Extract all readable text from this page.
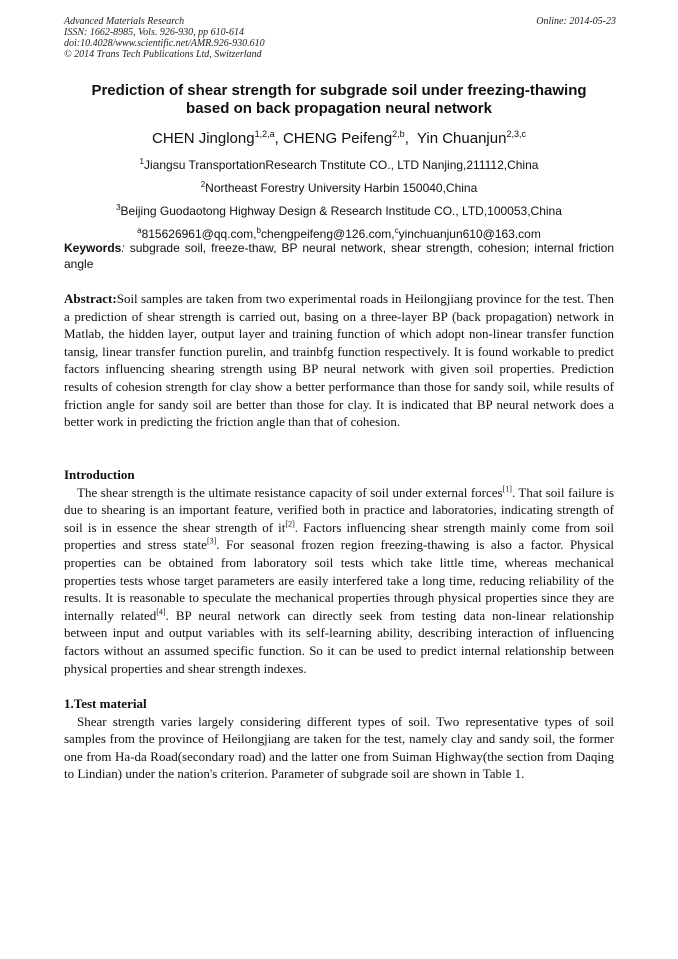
Advanced Materials Research
ISSN: 1662-8985, Vols. 926-930, pp 610-614
doi:10.4028/www.scientific.net/AMR.926-930.610
© 2014 Trans Tech Publications Ltd, Switzerland
Online: 2014-05-23
Prediction of shear strength for subgrade soil under freezing-thawing
based on back propagation neural network
CHEN Jinglong$^{1,2,a}$, CHENG Peifeng$^{2,b}$,  Yin Chuanjun$^{2,3,c}$
$^1$Jiangsu TransportationResearch Tnstitute CO., LTD Nanjing,211112,China
$^2$Northeast Forestry University Harbin 150040,China
$^3$Beijing Guodaotong Highway Design & Research Institude CO., LTD,100053,China
$^a$815626961@qq.com,$^b$chengpeifeng@126.com,$^c$yinchuanjun610@163.com
Keywords: subgrade soil, freeze-thaw, BP neural network, shear strength, cohesion; internal friction angle

Abstract:Soil samples are taken from two experimental roads in Heilongjiang province for the test. Then a prediction of shear strength is carried out, basing on a three-layer BP (back propagation) network in Matlab, the hidden layer, output layer and training function of which adopt non-linear transfer function tansig, linear transfer function purelin, and trainbfg function respectively. It is found workable to predict factors influencing shearing strength using BP neural network with given soil properties. Prediction results of cohesion strength for clay show a better performance than those for sandy soil, while results of friction angle for sandy soil are better than those for clay. It is indicated that BP neural network does a better work in predicting the friction angle than that of cohesion.

Introduction

The shear strength is the ultimate resistance capacity of soil under external forces[1]. That soil failure is due to shearing is an important feature, verified both in practice and laboratories, indicating strength of soil is in essence the shear strength of it[2]. Factors influencing shear strength mainly come from soil properties and stress state[3]. For seasonal frozen region freezing-thawing is also a factor. Physical properties can be obtained from laboratory soil tests which take little time, whereas mechanical properties tests whose target parameters are easily interfered take a long time, reducing reliability of the results. It is reasonable to speculate the mechanical properties through physical properties since they are internally related[4]. BP neural network can directly seek from testing data non-linear relationship between input and output variables with its self-learning ability, describing interaction of influencing factors without an assumed specific function. So it can be used to predict internal relationship between physical properties and shear strength indexes.

1.Test material

Shear strength varies largely considering different types of soil. Two representative types of soil samples from the province of Heilongjiang are taken for the test, namely clay and sandy soil, the former one from Ha-da Road(secondary road) and the latter one from Suiman Highway(the section from Daqing to Lindian) under the nation's criterion. Parameter of subgrade soil are shown in Table 1.
